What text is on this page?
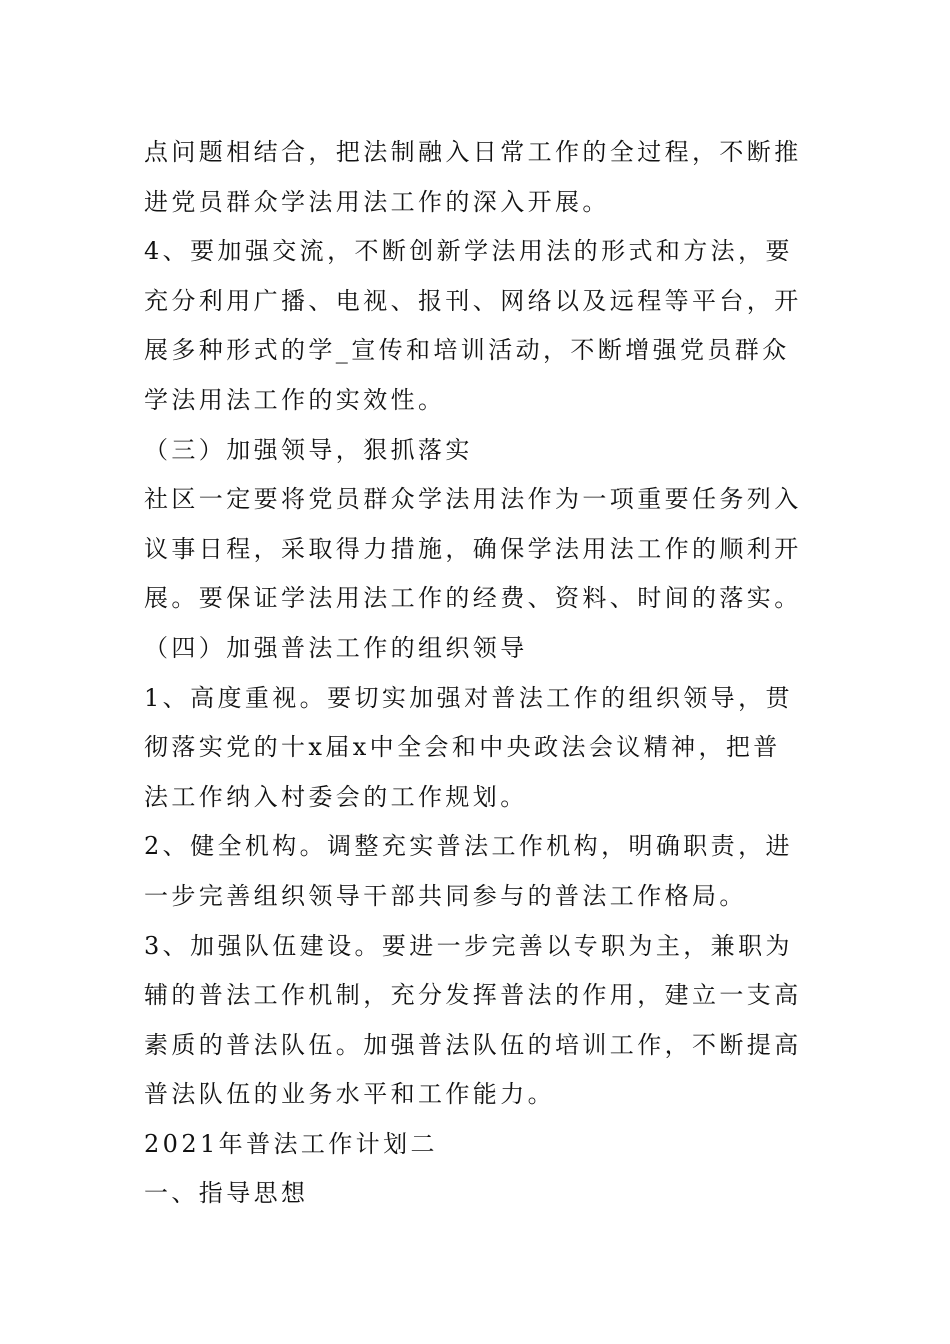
点问题相结合，把法制融入日常工作的全过程，不断推进党员群众学法用法工作的深入开展。

4、要加强交流，不断创新学法用法的形式和方法，要充分利用广播、电视、报刊、网络以及远程等平台，开展多种形式的学_宣传和培训活动，不断增强党员群众学法用法工作的实效性。

（三）加强领导，狠抓落实

社区一定要将党员群众学法用法作为一项重要任务列入议事日程，采取得力措施，确保学法用法工作的顺利开展。要保证学法用法工作的经费、资料、时间的落实。

（四）加强普法工作的组织领导

1、高度重视。要切实加强对普法工作的组织领导，贯彻落实党的十x届x中全会和中央政法会议精神，把普法工作纳入村委会的工作规划。

2、健全机构。调整充实普法工作机构，明确职责，进一步完善组织领导干部共同参与的普法工作格局。

3、加强队伍建设。要进一步完善以专职为主，兼职为辅的普法工作机制，充分发挥普法的作用，建立一支高素质的普法队伍。加强普法队伍的培训工作，不断提高普法队伍的业务水平和工作能力。

2021年普法工作计划二

一、指导思想
